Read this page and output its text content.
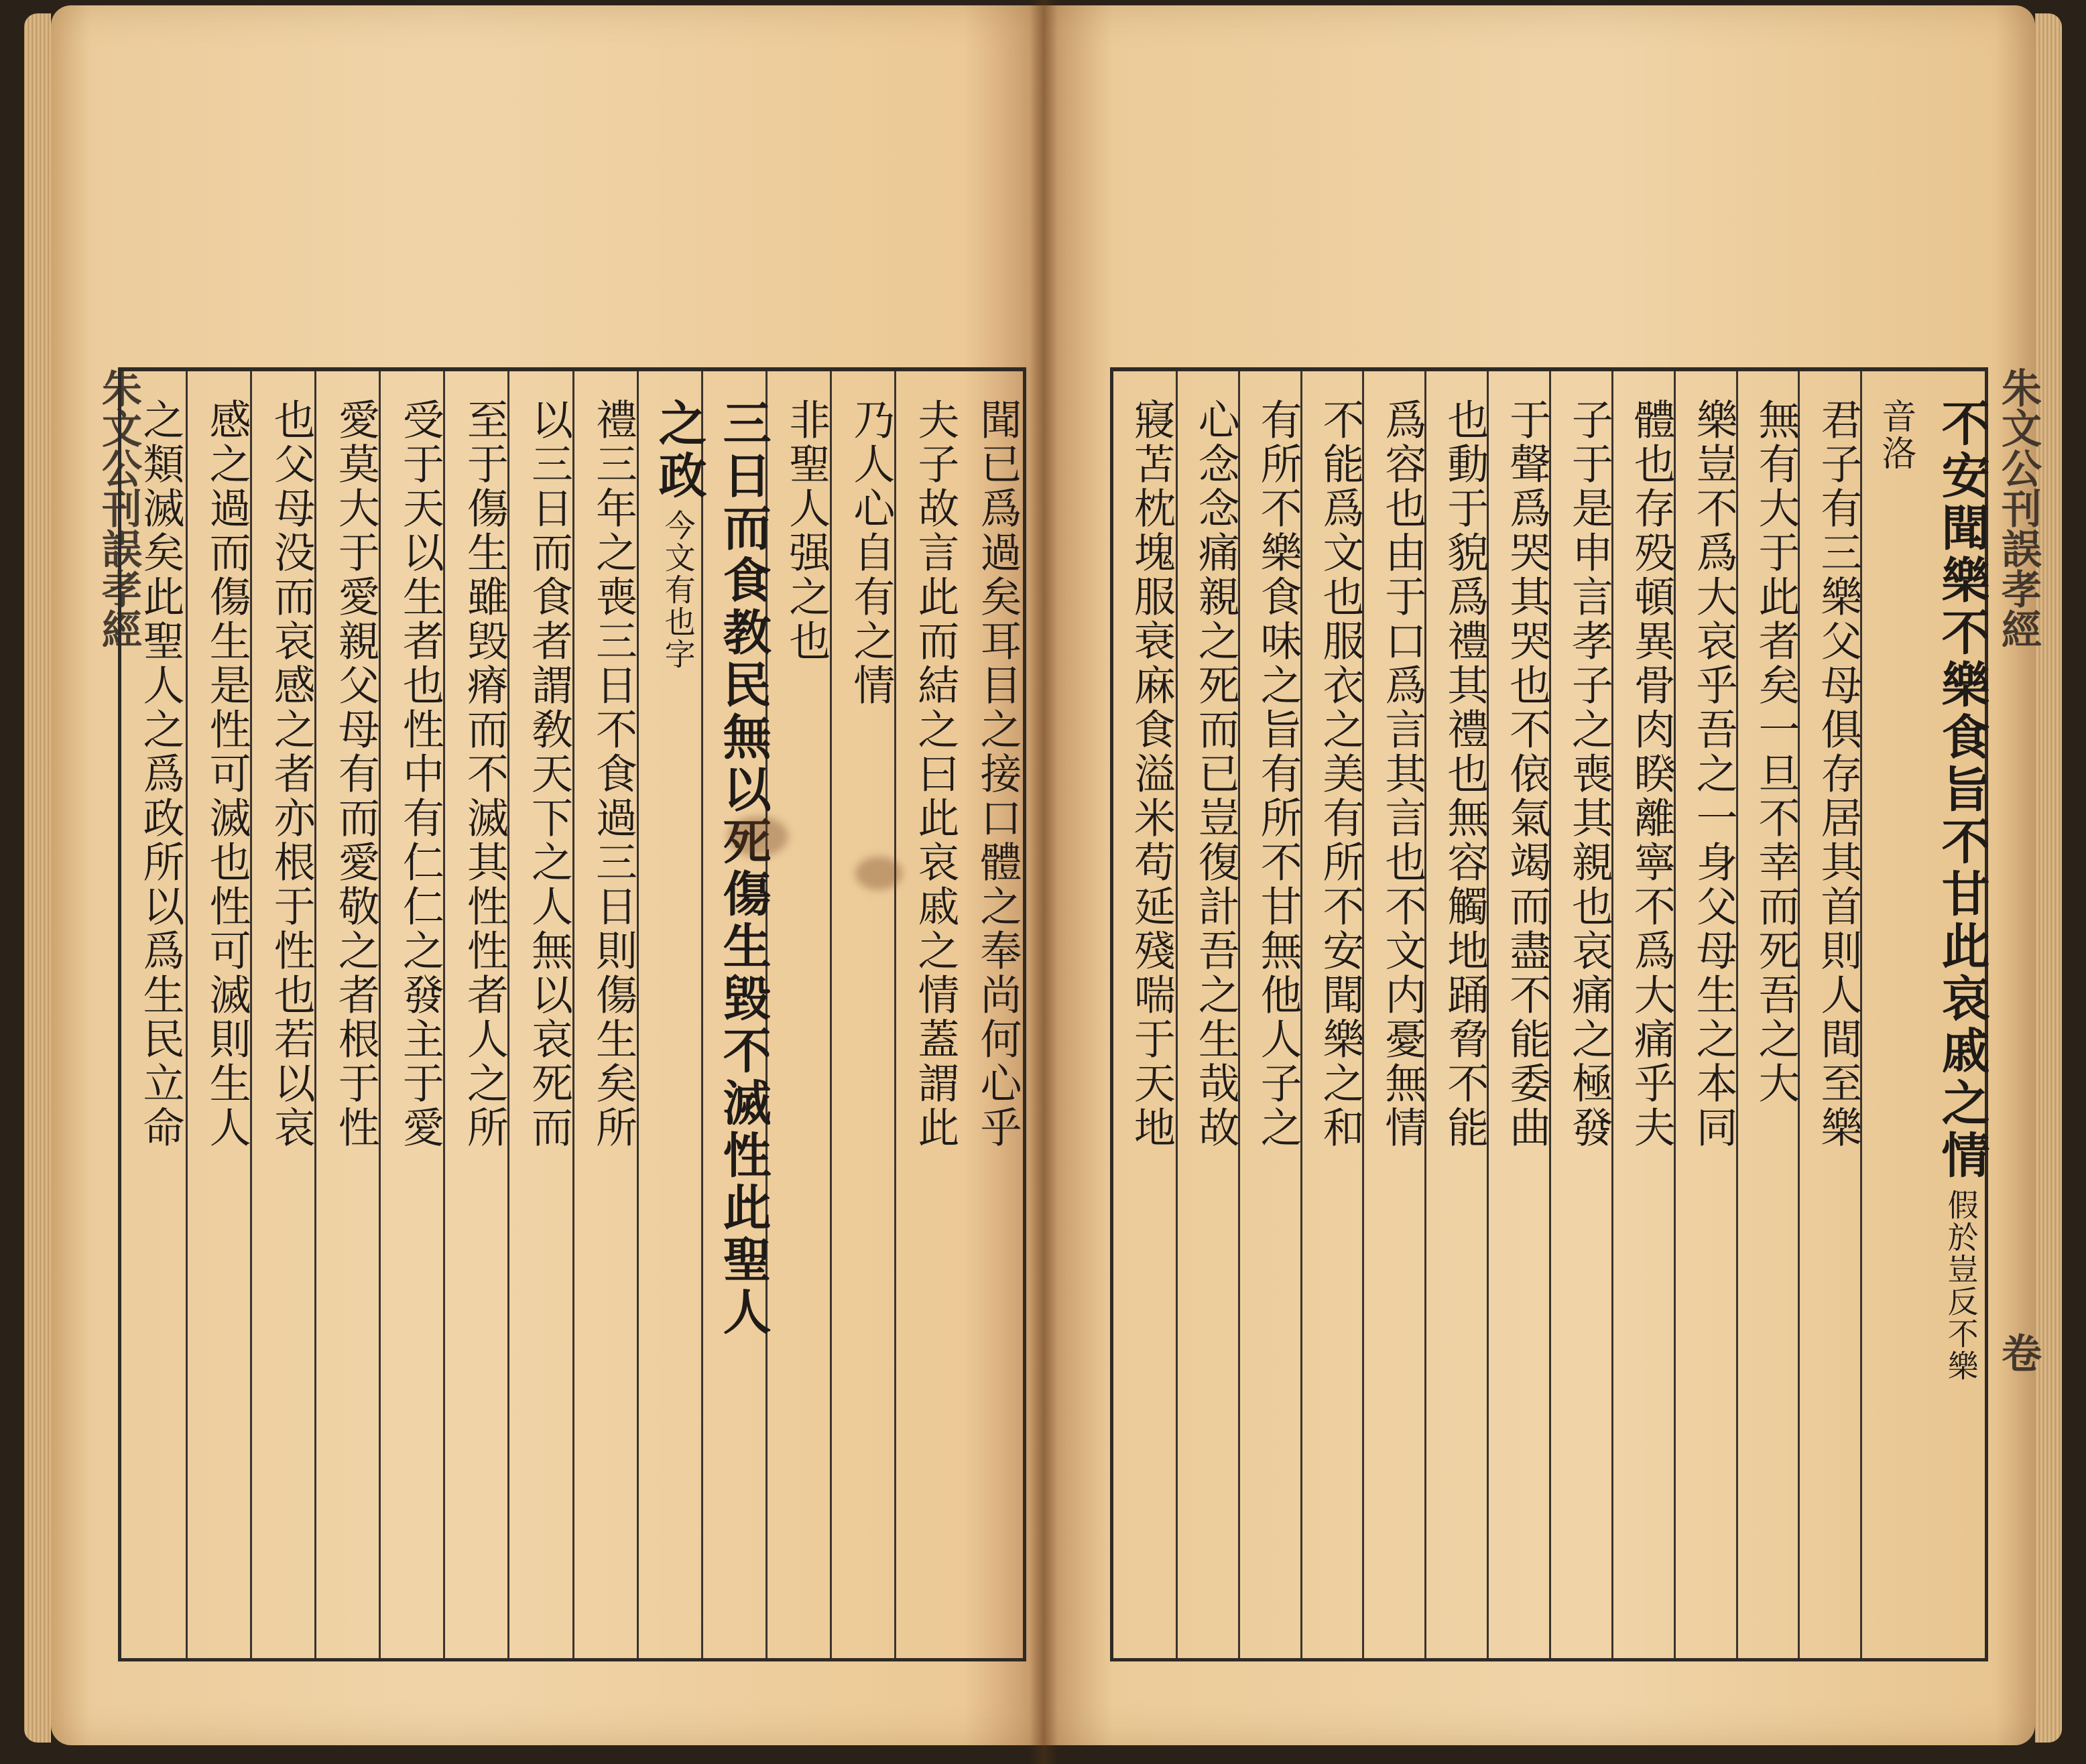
朱文公刊誤孝經	聞已爲過矣耳目之接口體之奉尚何心乎
夫子故言此而結之曰此哀戚之情蓋謂此
乃人心自有之情
非聖人强之也
三日而食教民無以死傷生毀不滅性此聖人
之政
今文有也字
禮三年之喪三日不食過三日則傷生矣所
以三日而食者謂敎天下之人無以哀死而
至于傷生雖毁瘠而不滅其性性者人之所
受于天以生者也性中有仁仁之發主于愛
愛莫大于愛親父母有而愛敬之者根于性
也父母没而哀感之者亦根于性也若以哀
感之過而傷生是性可滅也性可滅則生人
之類滅矣此聖人之爲政所以爲生民立命	不安聞樂不樂食旨不甘此哀戚之情
假於豈反不樂
音洛
君子有三樂父母俱存居其首則人間至樂
無有大于此者矣一旦不幸而死吾之大
樂豈不爲大哀乎吾之一身父母生之本同
體也存殁頓異骨肉睽離寧不爲大痛乎夫
子于是申言孝子之喪其親也哀痛之極發
于聲爲哭其哭也不偯氣竭而盡不能委曲
也動于貌爲禮其禮也無容觸地踊脅不能
爲容也由于口爲言其言也不文内憂無情
不能爲文也服衣之美有所不安聞樂之和
有所不樂食味之旨有所不甘無他人子之
心念念痛親之死而已豈復計吾之生哉故
寢苫枕塊服衰麻食溢米苟延殘喘于天地	朱文公刊誤孝經
卷
